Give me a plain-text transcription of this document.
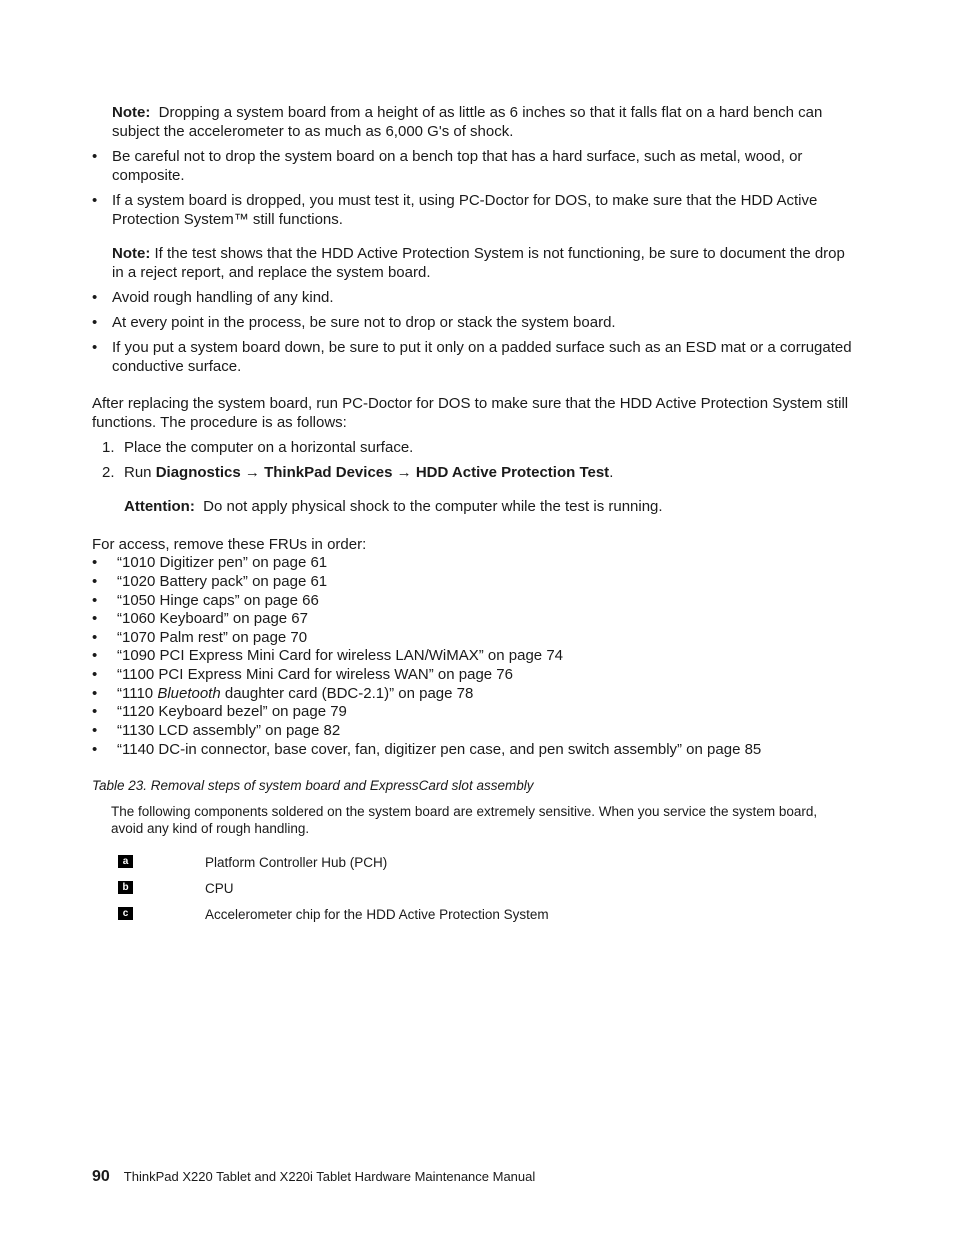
Note: Dropping a system board from a height of as little as 6 inches so that it falls flat on a hard bench can subject the accelerometer to as much as 6,000 G's of shock.
• Be careful not to drop the system board on a bench top that has a hard surface, such as metal, wood, or composite.
• If a system board is dropped, you must test it, using PC-Doctor for DOS, to make sure that the HDD Active Protection System™ still functions.
Note: If the test shows that the HDD Active Protection System is not functioning, be sure to document the drop in a reject report, and replace the system board.
• Avoid rough handling of any kind.
• At every point in the process, be sure not to drop or stack the system board.
• If you put a system board down, be sure to put it only on a padded surface such as an ESD mat or a corrugated conductive surface.
After replacing the system board, run PC-Doctor for DOS to make sure that the HDD Active Protection System still functions. The procedure is as follows:
1. Place the computer on a horizontal surface.
2. Run Diagnostics → ThinkPad Devices → HDD Active Protection Test.
Attention: Do not apply physical shock to the computer while the test is running.
For access, remove these FRUs in order:
• “1010 Digitizer pen” on page 61
• “1020 Battery pack” on page 61
• “1050 Hinge caps” on page 66
• “1060 Keyboard” on page 67
• “1070 Palm rest” on page 70
• “1090 PCI Express Mini Card for wireless LAN/WiMAX” on page 74
• “1100 PCI Express Mini Card for wireless WAN” on page 76
• “1110 Bluetooth daughter card (BDC-2.1)” on page 78
• “1120 Keyboard bezel” on page 79
• “1130 LCD assembly” on page 82
• “1140 DC-in connector, base cover, fan, digitizer pen case, and pen switch assembly” on page 85
Table 23. Removal steps of system board and ExpressCard slot assembly
The following components soldered on the system board are extremely sensitive. When you service the system board, avoid any kind of rough handling.
a	Platform Controller Hub (PCH)
b	CPU
c	Accelerometer chip for the HDD Active Protection System
90 ThinkPad X220 Tablet and X220i Tablet Hardware Maintenance Manual
